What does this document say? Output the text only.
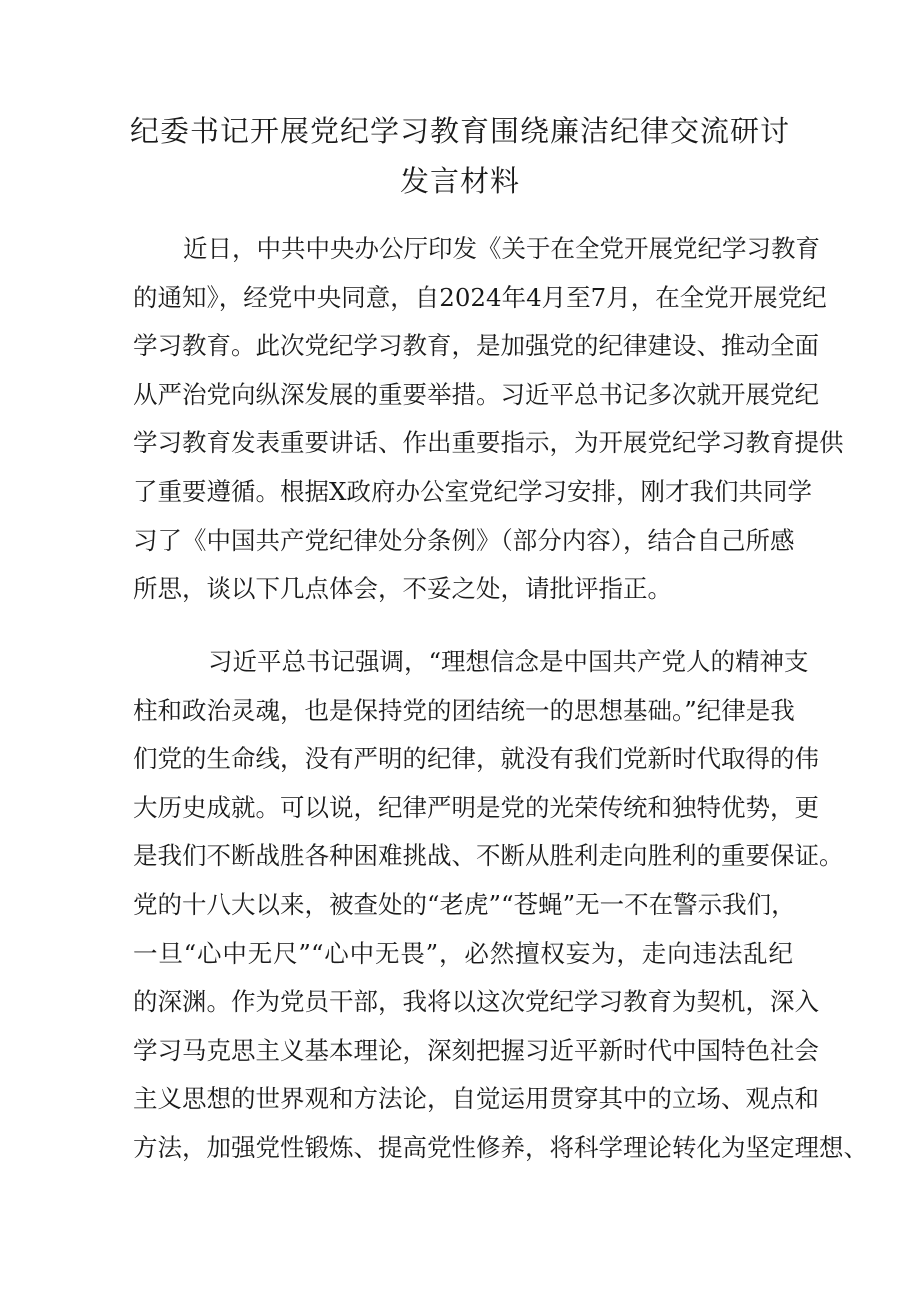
纪委书记开展党纪学习教育围绕廉洁纪律交流研讨
发言材料
近日，中共中央办公厅印发《关于在全党开展党纪学习教育
的通知》，经党中央同意，自2024年4月至7月，在全党开展党纪
学习教育。此次党纪学习教育，是加强党的纪律建设、推动全面
从严治党向纵深发展的重要举措。习近平总书记多次就开展党纪
学习教育发表重要讲话、作出重要指示，为开展党纪学习教育提供
了重要遵循。根据X政府办公室党纪学习安排，刚才我们共同学
习了《中国共产党纪律处分条例》（部分内容），结合自己所感
所思，谈以下几点体会，不妥之处，请批评指正。
习近平总书记强调，“理想信念是中国共产党人的精神支
柱和政治灵魂，也是保持党的团结统一的思想基础。”纪律是我
们党的生命线，没有严明的纪律，就没有我们党新时代取得的伟
大历史成就。可以说，纪律严明是党的光荣传统和独特优势，更
是我们不断战胜各种困难挑战、不断从胜利走向胜利的重要保证。
党的十八大以来，被查处的“老虎”“苍蝇”无一不在警示我们，
一旦“心中无尺”“心中无畏”，必然擅权妄为，走向违法乱纪
的深渊。作为党员干部，我将以这次党纪学习教育为契机，深入
学习马克思主义基本理论，深刻把握习近平新时代中国特色社会
主义思想的世界观和方法论，自觉运用贯穿其中的立场、观点和
方法，加强党性锻炼、提高党性修养，将科学理论转化为坚定理想、
